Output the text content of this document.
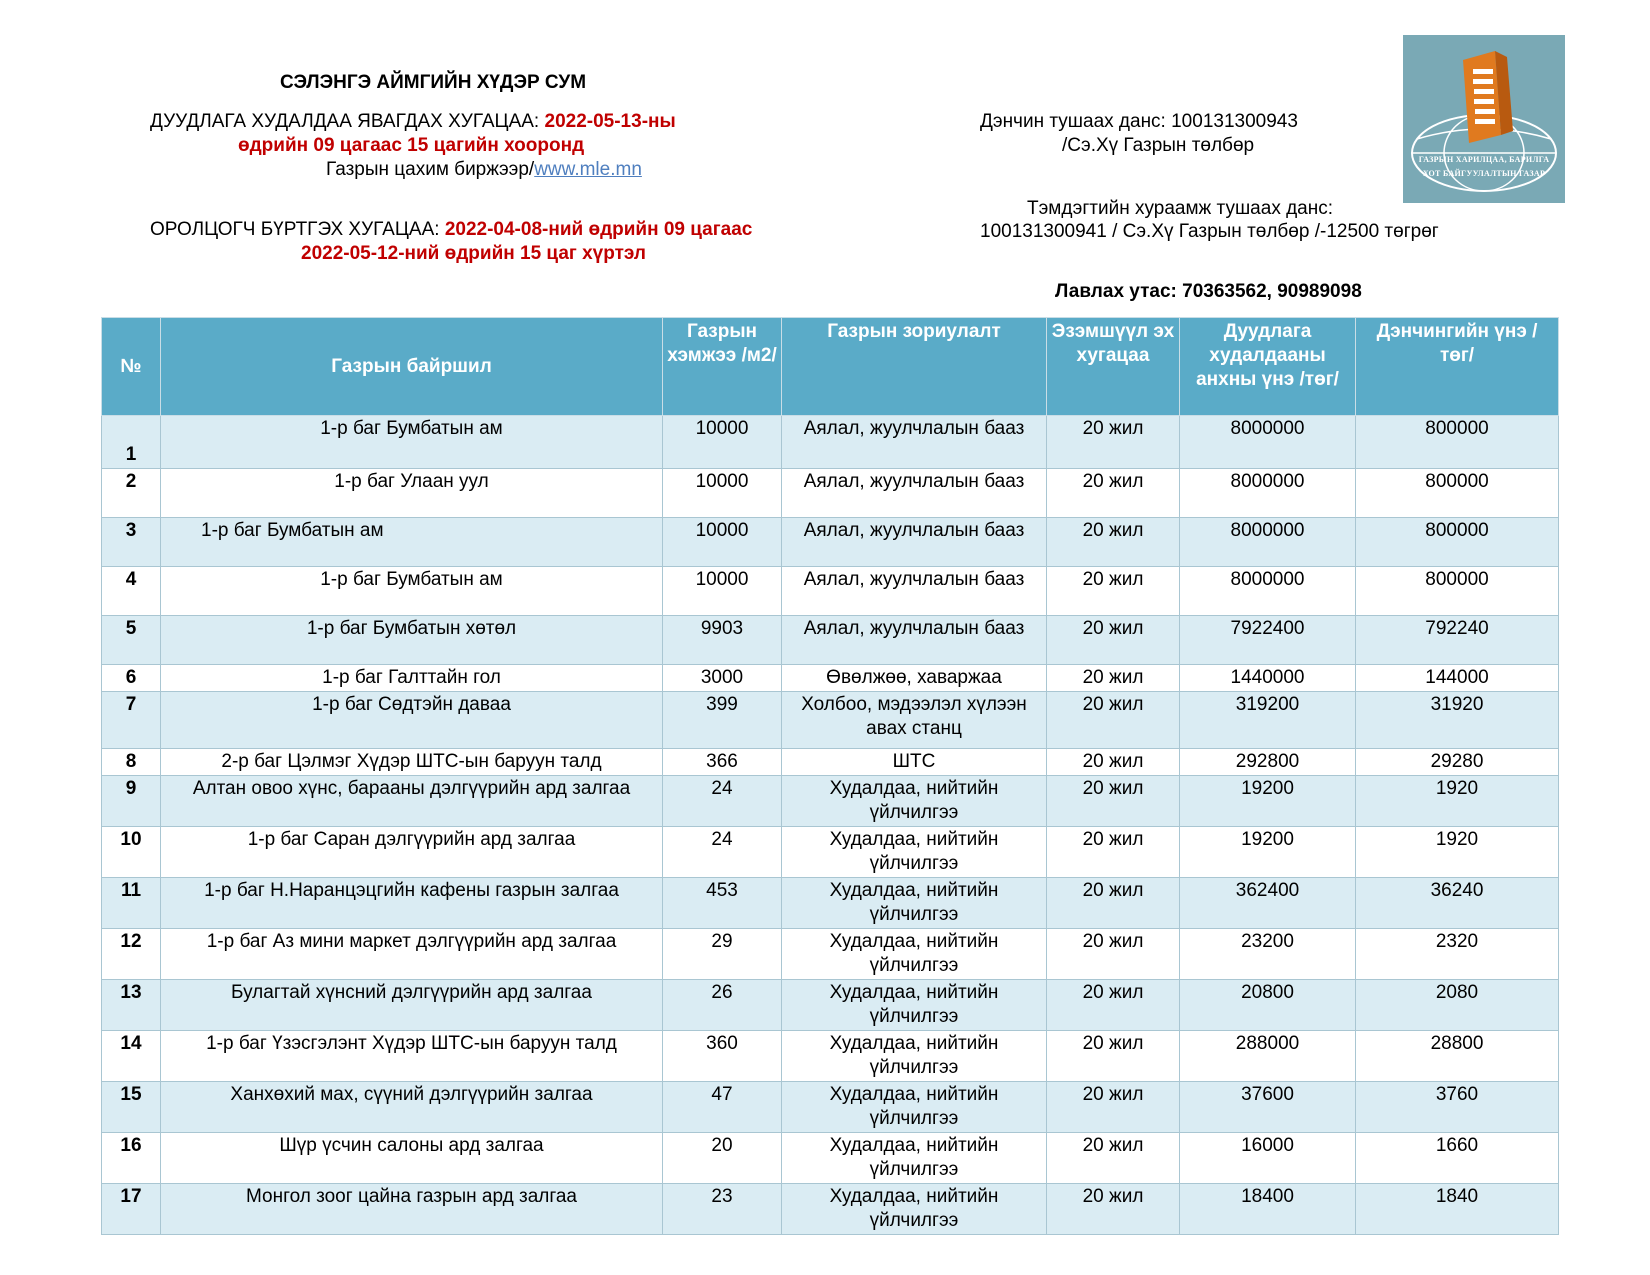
СЭЛЭНГЭ АЙМГИЙН ХҮДЭР СУМ
ДУУДЛАГА ХУДАЛДАА ЯВАГДАХ ХУГАЦАА: 2022-05-13-ны
өдрийн 09 цагаас 15 цагийн хооронд
Газрын цахим биржээр/www.mle.mn
ОРОЛЦОГЧ БҮРТГЭХ ХУГАЦАА: 2022-04-08-ний өдрийн 09 цагаас
2022-05-12-ний өдрийн 15 цаг хүртэл
Дэнчин тушаах данс: 100131300943
/Сэ.Хү Газрын төлбөр
Тэмдэгтийн хураамж тушаах данс:
100131300941 / Сэ.Хү Газрын төлбөр /-12500 төгрөг
Лавлах утас: 70363562, 90989098
ГАЗРЫН ХАРИЛЦАА, БАРИЛГА
ХОТ БАЙГУУЛАЛТЫН ГАЗАР
№	Газрын байршил	Газрын хэмжээ /м2/	Газрын зориулалт	Эзэмшүүл эх хугацаа	Дуудлага худалдааны анхны үнэ /төг/	Дэнчингийн үнэ /төг/
1	1-р баг Бумбатын ам	10000	Аялал, жуулчлалын бааз	20 жил	8000000	800000
2	1-р баг Улаан уул	10000	Аялал, жуулчлалын бааз	20 жил	8000000	800000
3	1-р баг Бумбатын ам	10000	Аялал, жуулчлалын бааз	20 жил	8000000	800000
4	1-р баг Бумбатын ам	10000	Аялал, жуулчлалын бааз	20 жил	8000000	800000
5	1-р баг Бумбатын хөтөл	9903	Аялал, жуулчлалын бааз	20 жил	7922400	792240
6	1-р баг Галттайн гол	3000	Өвөлжөө, хаваржаа	20 жил	1440000	144000
7	1-р баг Сөдтэйн даваа	399	Холбоо, мэдээлэл хүлээн авах станц	20 жил	319200	31920
8	2-р баг Цэлмэг Хүдэр ШТС-ын баруун талд	366	ШТС	20 жил	292800	29280
9	Алтан овоо хүнс, барааны дэлгүүрийн ард залгаа	24	Худалдаа, нийтийн үйлчилгээ	20 жил	19200	1920
10	1-р баг Саран дэлгүүрийн ард залгаа	24	Худалдаа, нийтийн үйлчилгээ	20 жил	19200	1920
11	1-р баг Н.Наранцэцгийн кафены газрын залгаа	453	Худалдаа, нийтийн үйлчилгээ	20 жил	362400	36240
12	1-р баг Аз мини маркет дэлгүүрийн ард залгаа	29	Худалдаа, нийтийн үйлчилгээ	20 жил	23200	2320
13	Булагтай хүнсний дэлгүүрийн ард залгаа	26	Худалдаа, нийтийн үйлчилгээ	20 жил	20800	2080
14	1-р баг Үзэсгэлэнт Хүдэр ШТС-ын баруун талд	360	Худалдаа, нийтийн үйлчилгээ	20 жил	288000	28800
15	Ханхөхий мах, сүүний дэлгүүрийн залгаа	47	Худалдаа, нийтийн үйлчилгээ	20 жил	37600	3760
16	Шүр үсчин салоны ард залгаа	20	Худалдаа, нийтийн үйлчилгээ	20 жил	16000	1660
17	Монгол зоог цайна газрын ард залгаа	23	Худалдаа, нийтийн үйлчилгээ	20 жил	18400	1840
